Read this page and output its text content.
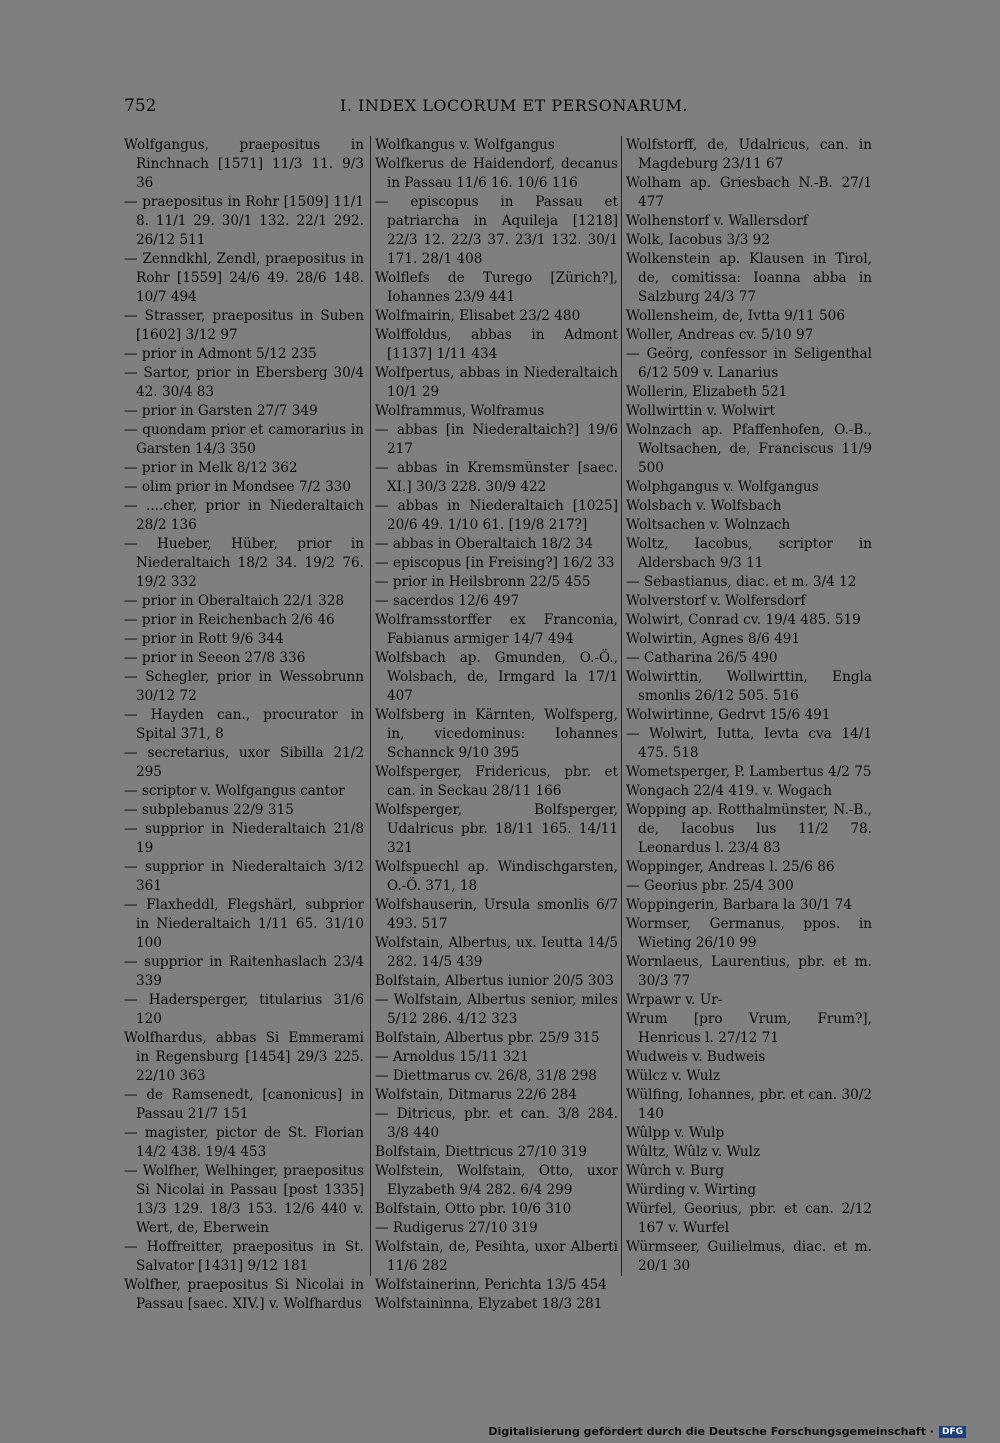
752	I. INDEX LOCORUM ET PERSONARUM.

Wolfgangus, praepositus in Rinchnach [1571] 11/3 11. 9/3 36

— praepositus in Rohr [1509] 11/1 8. 11/1 29. 30/1 132. 22/1 292. 26/12 511

— Zenndkhl, Zendl, praepositus in Rohr [1559] 24/6 49. 28/6 148. 10/7 494

— Strasser, praepositus in Suben [1602] 3/12 97

— prior in Admont 5/12 235

— Sartor, prior in Ebersberg 30/4 42. 30/4 83

— prior in Garsten 27/7 349

— quondam prior et camorarius in Garsten 14/3 350

— prior in Melk 8/12 362

— olim prior in Mondsee 7/2 330

— ....cher, prior in Niederaltaich 28/2 136

— Hueber, Hüber, prior in Niederaltaich 18/2 34. 19/2 76. 19/2 332

— prior in Oberaltaich 22/1 328

— prior in Reichenbach 2/6 46

— prior in Rott 9/6 344

— prior in Seeon 27/8 336

— Schegler, prior in Wessobrunn 30/12 72

— Hayden can., procurator in Spital 371, 8

— secretarius, uxor Sibilla 21/2 295

— scriptor v. Wolfgangus cantor

— subplebanus 22/9 315

— supprior in Niederaltaich 21/8 19

— supprior in Niederaltaich 3/12 361

— Flaxheddl, Flegshärl, subprior in Niederaltaich 1/11 65. 31/10 100

— supprior in Raitenhaslach 23/4 339

— Hadersperger, titularius 31/6 120

Wolfhardus, abbas Si Emmerami in Regensburg [1454] 29/3 225. 22/10 363

— de Ramsenedt, [canonicus] in Passau 21/7 151

— magister, pictor de St. Florian 14/2 438. 19/4 453

— Wolfher, Welhinger, praepositus Si Nicolai in Passau [post 1335] 13/3 129. 18/3 153. 12/6 440 v. Wert, de, Eberwein

— Hoffreitter, praepositus in St. Salvator [1431] 9/12 181

Wolfher, praepositus Si Nicolai in Passau [saec. XIV.] v. Wolfhardus

Wolfkangus v. Wolfgangus

Wolfkerus de Haidendorf, decanus in Passau 11/6 16. 10/6 116

— episcopus in Passau et patriarcha in Aquileja [1218] 22/3 12. 22/3 37. 23/1 132. 30/1 171. 28/1 408

Wolflefs de Turego [Zürich?], Iohannes 23/9 441

Wolfmairin, Elisabet 23/2 480

Wolffoldus, abbas in Admont [1137] 1/11 434

Wolfpertus, abbas in Niederaltaich 10/1 29

Wolframmus, Wolframus

— abbas [in Niederaltaich?] 19/6 217

— abbas in Kremsmünster [saec. XI.] 30/3 228. 30/9 422

— abbas in Niederaltaich [1025] 20/6 49. 1/10 61. [19/8 217?]

— abbas in Oberaltaich 18/2 34

— episcopus [in Freising?] 16/2 33

— prior in Heilsbronn 22/5 455

— sacerdos 12/6 497

Wolframsstorffer ex Franconia, Fabianus armiger 14/7 494

Wolfsbach ap. Gmunden, O.-Ö., Wolsbach, de, Irmgard la 17/1 407

Wolfsberg in Kärnten, Wolfsperg, in, vicedominus: Iohannes Schannck 9/10 395

Wolfsperger, Fridericus, pbr. et can. in Seckau 28/11 166

Wolfsperger, Bolfsperger, Udalricus pbr. 18/11 165. 14/11 321

Wolfspuechl ap. Windischgarsten, O.-Ö. 371, 18

Wolfshauserin, Ursula smonlis 6/7 493. 517

Wolfstain, Albertus, ux. Ieutta 14/5 282. 14/5 439

Bolfstain, Albertus iunior 20/5 303

— Wolfstain, Albertus senior, miles 5/12 286. 4/12 323

Bolfstain, Albertus pbr. 25/9 315

— Arnoldus 15/11 321

— Diettmarus cv. 26/8, 31/8 298

Wolfstain, Ditmarus 22/6 284

— Ditricus, pbr. et can. 3/8 284. 3/8 440

Bolfstain, Diettricus 27/10 319

Wolfstein, Wolfstain, Otto, uxor Elyzabeth 9/4 282. 6/4 299

Bolfstain, Otto pbr. 10/6 310

— Rudigerus 27/10 319

Wolfstain, de, Pesihta, uxor Alberti 11/6 282

Wolfstainerinn, Perichta 13/5 454

Wolfstaininna, Elyzabet 18/3 281

Wolfstorff, de, Udalricus, can. in Magdeburg 23/11 67

Wolham ap. Griesbach N.-B. 27/1 477

Wolhenstorf v. Wallersdorf

Wolk, Iacobus 3/3 92

Wolkenstein ap. Klausen in Tirol, de, comitissa: Ioanna abba in Salzburg 24/3 77

Wollensheim, de, Ivtta 9/11 506

Woller, Andreas cv. 5/10 97

— Geörg, confessor in Seligenthal 6/12 509 v. Lanarius

Wollerin, Elizabeth 521

Wollwirttin v. Wolwirt

Wolnzach ap. Pfaffenhofen, O.-B., Woltsachen, de, Franciscus 11/9 500

Wolphgangus v. Wolfgangus

Wolsbach v. Wolfsbach

Woltsachen v. Wolnzach

Woltz, Iacobus, scriptor in Aldersbach 9/3 11

— Sebastianus, diac. et m. 3/4 12

Wolverstorf v. Wolfersdorf

Wolwirt, Conrad cv. 19/4 485. 519

Wolwirtin, Agnes 8/6 491

— Catharina 26/5 490

Wolwirttin, Wollwirttin, Engla smonlis 26/12 505. 516

Wolwirtinne, Gedrvt 15/6 491

— Wolwirt, Iutta, Ievta cva 14/1 475. 518

Wometsperger, P. Lambertus 4/2 75

Wongach 22/4 419. v. Wogach

Wopping ap. Rotthalmünster, N.-B., de, Iacobus lus 11/2 78. Leonardus l. 23/4 83

Woppinger, Andreas l. 25/6 86

— Georius pbr. 25/4 300

Woppingerin, Barbara la 30/1 74

Wormser, Germanus, ppos. in Wieting 26/10 99

Wornlaeus, Laurentius, pbr. et m. 30/3 77

Wrpawr v. Ur-

Wrum [pro Vrum, Frum?], Henricus l. 27/12 71

Wudweis v. Budweis

Wülcz v. Wulz

Wülfing, Iohannes, pbr. et can. 30/2 140

Wûlpp v. Wulp

Wûltz, Wûlz v. Wulz

Wûrch v. Burg

Würding v. Wirting

Würfel, Georius, pbr. et can. 2/12 167 v. Wurfel

Würmseer, Guilielmus, diac. et m. 20/1 30

Digitalisierung gefördert durch die Deutsche Forschungsgemeinschaft · DFG
